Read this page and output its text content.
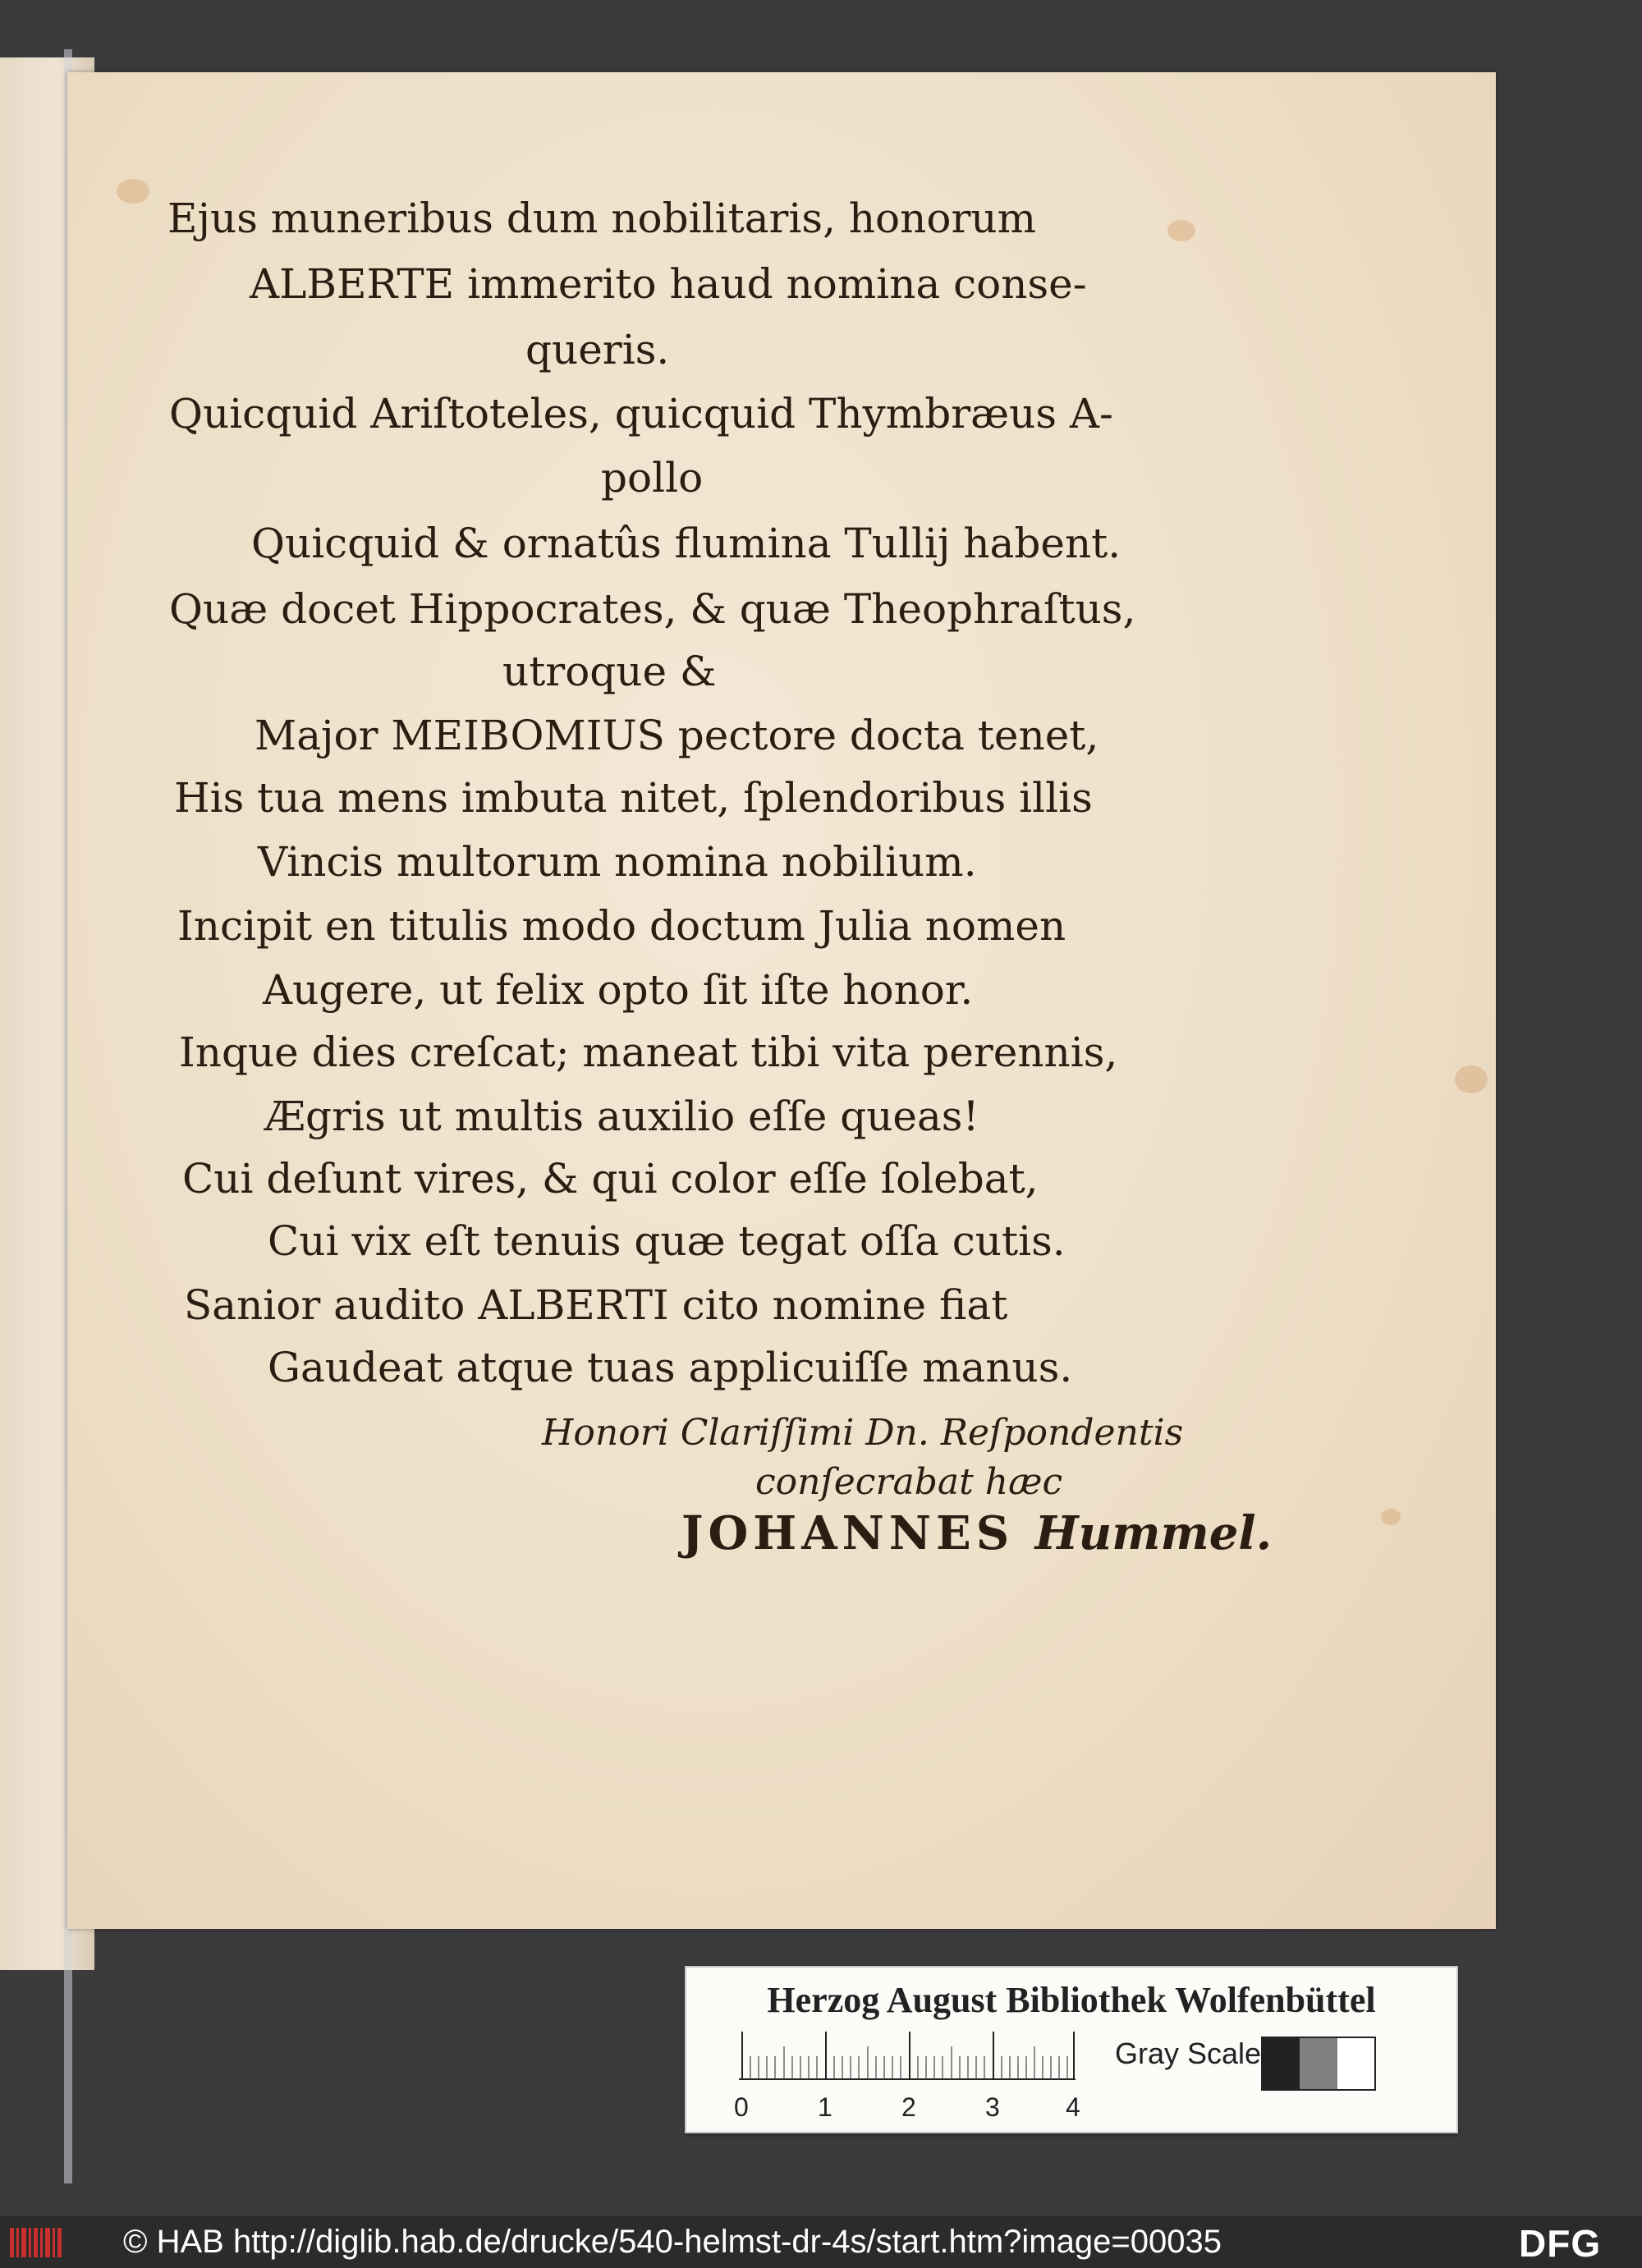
Ejus muneribus dum nobilitaris, honorum
ALBERTE immerito haud nomina conse-
queris.
Quicquid Ariſtoteles, quicquid Thymbræus A-
pollo
Quicquid & ornatûs flumina Tullij habent.
Quæ docet Hippocrates, & quæ Theophraſtus,
utroque &
Major MEIBOMIUS pectore docta tenet,
His tua mens imbuta nitet, ſplendoribus illis
Vincis multorum nomina nobilium.
Incipit en titulis modo doctum Julia nomen
Augere, ut felix opto ſit iſte honor.
Inque dies creſcat; maneat tibi vita perennis,
Ægris ut multis auxilio eſſe queas!
Cui deſunt vires, & qui color eſſe ſolebat,
Cui vix eſt tenuis quæ tegat oſſa cutis.
Sanior audito ALBERTI cito nomine fiat
Gaudeat atque tuas applicuiſſe manus.
Honori Clariſſimi Dn. Reſpondentis
conſecrabat hæc
JOHANNES Hummel.
Herzog August Bibliothek Wolfenbüttel
0	1	2	3	4
Gray Scale
© HAB http://diglib.hab.de/drucke/540-helmst-dr-4s/start.htm?image=00035	DFG
